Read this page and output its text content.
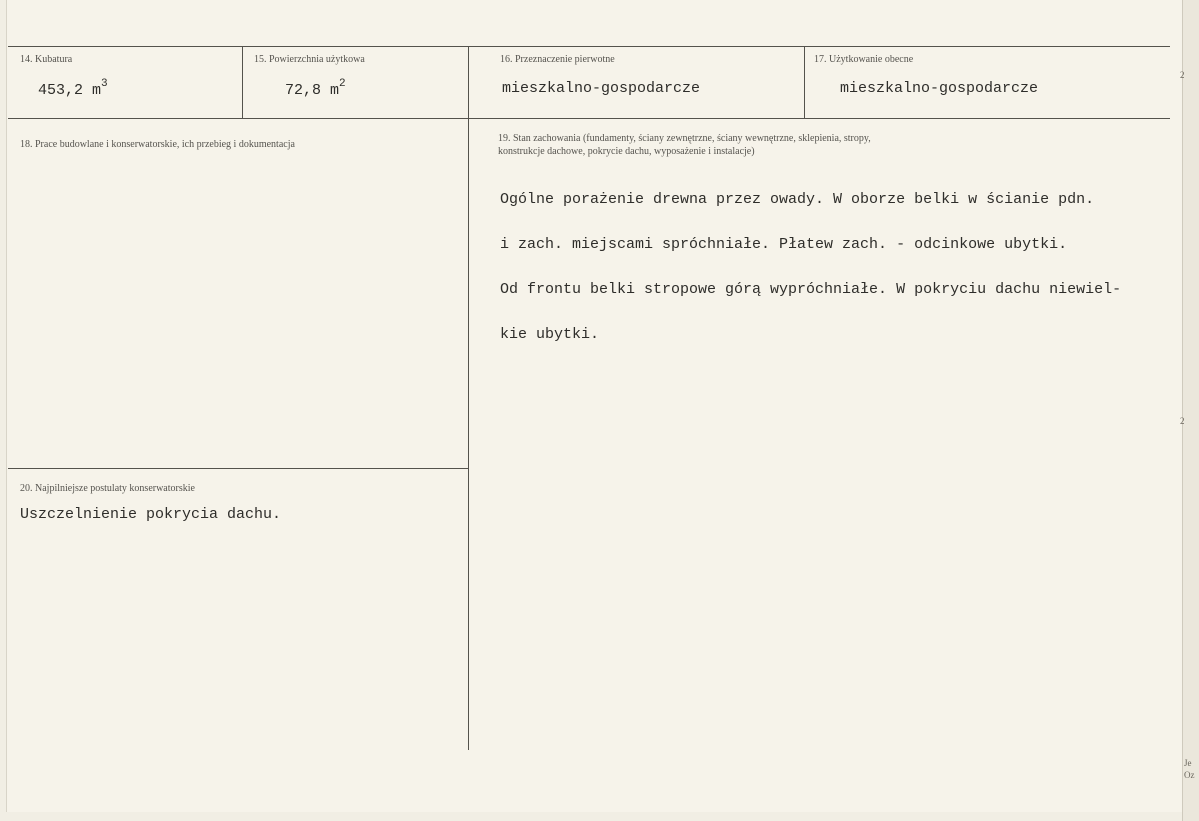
14. Kubatura
453,2 $m^3$
15. Powierzchnia użytkowa
72,8 $m^2$
16. Przeznaczenie pierwotne
mieszkalno-gospodarcze
17. Użytkowanie obecne
mieszkalno-gospodarcze
18. Prace budowlane i konserwatorskie, ich przebieg i dokumentacja
19. Stan zachowania (fundamenty, ściany zewnętrzne, ściany wewnętrzne, sklepienia, stropy,
konstrukcje dachowe, pokrycie dachu, wyposażenie i instalacje)

Ogólne porażenie drewna przez owady. W oborze belki w ścianie pdn.

i zach. miejscami spróchniałe. Płatew zach. - odcinkowe ubytki.

Od frontu belki stropowe górą wypróchniałe. W pokryciu dachu niewiel-

kie ubytki.

20. Najpilniejsze postulaty konserwatorskie
Uszczelnienie pokrycia dachu.
2
2
Je
Oz
